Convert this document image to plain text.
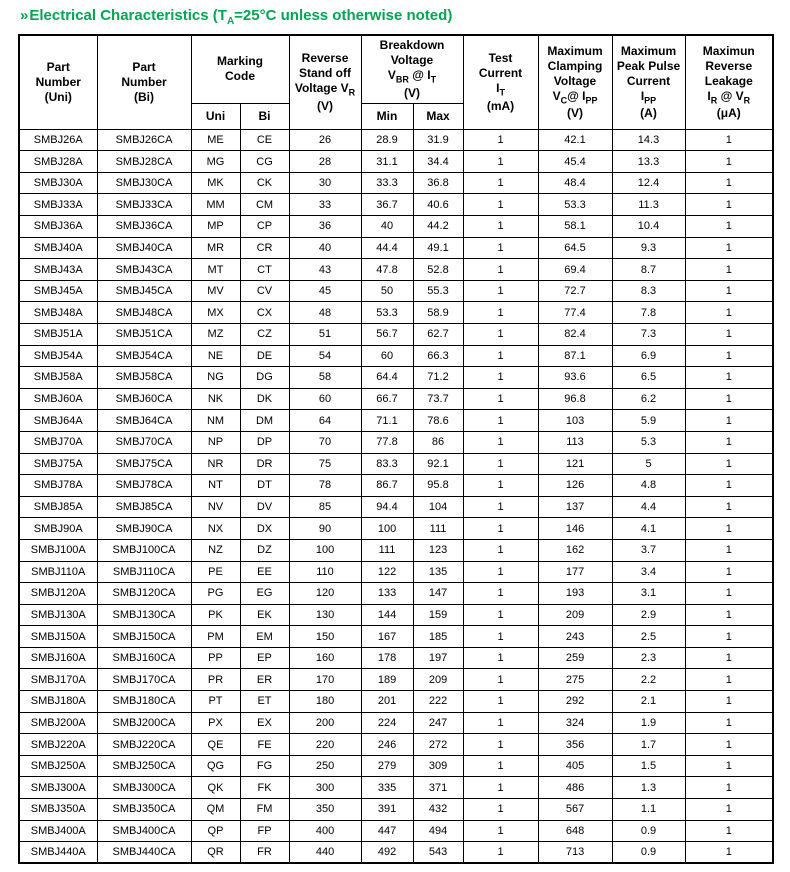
»Electrical Characteristics ($T_A=25^\circ C$ unless otherwise noted)
Part
Number
(Uni)

Part
Number
(Bi)

Marking
Code

Reverse
Stand off
Voltage $V_R$
(V)

Breakdown
Voltage
$V_{BR}$ @ $I_T$
(V)

Test
Current
$I_T$
(mA)

Maximum
Clamping
Voltage
$V_C@$ $I_{PP}$
(V)

Maximum
Peak Pulse
Current
$I_{PP}$
(A)

Maximun
Reverse
Leakage
$I_R$ @ $V_R$
(μA)

		Uni	Bi		Min	Max				
SMBJ26A	SMBJ26CA	ME	CE	26	28.9	31.9	1	42.1	14.3	1
SMBJ28A	SMBJ28CA	MG	CG	28	31.1	34.4	1	45.4	13.3	1
SMBJ30A	SMBJ30CA	MK	CK	30	33.3	36.8	1	48.4	12.4	1
SMBJ33A	SMBJ33CA	MM	CM	33	36.7	40.6	1	53.3	11.3	1
SMBJ36A	SMBJ36CA	MP	CP	36	40	44.2	1	58.1	10.4	1
SMBJ40A	SMBJ40CA	MR	CR	40	44.4	49.1	1	64.5	9.3	1
SMBJ43A	SMBJ43CA	MT	CT	43	47.8	52.8	1	69.4	8.7	1
SMBJ45A	SMBJ45CA	MV	CV	45	50	55.3	1	72.7	8.3	1
SMBJ48A	SMBJ48CA	MX	CX	48	53.3	58.9	1	77.4	7.8	1
SMBJ51A	SMBJ51CA	MZ	CZ	51	56.7	62.7	1	82.4	7.3	1
SMBJ54A	SMBJ54CA	NE	DE	54	60	66.3	1	87.1	6.9	1
SMBJ58A	SMBJ58CA	NG	DG	58	64.4	71.2	1	93.6	6.5	1
SMBJ60A	SMBJ60CA	NK	DK	60	66.7	73.7	1	96.8	6.2	1
SMBJ64A	SMBJ64CA	NM	DM	64	71.1	78.6	1	103	5.9	1
SMBJ70A	SMBJ70CA	NP	DP	70	77.8	86	1	113	5.3	1
SMBJ75A	SMBJ75CA	NR	DR	75	83.3	92.1	1	121	5	1
SMBJ78A	SMBJ78CA	NT	DT	78	86.7	95.8	1	126	4.8	1
SMBJ85A	SMBJ85CA	NV	DV	85	94.4	104	1	137	4.4	1
SMBJ90A	SMBJ90CA	NX	DX	90	100	111	1	146	4.1	1
SMBJ100A	SMBJ100CA	NZ	DZ	100	111	123	1	162	3.7	1
SMBJ110A	SMBJ110CA	PE	EE	110	122	135	1	177	3.4	1
SMBJ120A	SMBJ120CA	PG	EG	120	133	147	1	193	3.1	1
SMBJ130A	SMBJ130CA	PK	EK	130	144	159	1	209	2.9	1
SMBJ150A	SMBJ150CA	PM	EM	150	167	185	1	243	2.5	1
SMBJ160A	SMBJ160CA	PP	EP	160	178	197	1	259	2.3	1
SMBJ170A	SMBJ170CA	PR	ER	170	189	209	1	275	2.2	1
SMBJ180A	SMBJ180CA	PT	ET	180	201	222	1	292	2.1	1
SMBJ200A	SMBJ200CA	PX	EX	200	224	247	1	324	1.9	1
SMBJ220A	SMBJ220CA	QE	FE	220	246	272	1	356	1.7	1
SMBJ250A	SMBJ250CA	QG	FG	250	279	309	1	405	1.5	1
SMBJ300A	SMBJ300CA	QK	FK	300	335	371	1	486	1.3	1
SMBJ350A	SMBJ350CA	QM	FM	350	391	432	1	567	1.1	1
SMBJ400A	SMBJ400CA	QP	FP	400	447	494	1	648	0.9	1
SMBJ440A	SMBJ440CA	QR	FR	440	492	543	1	713	0.9	1
